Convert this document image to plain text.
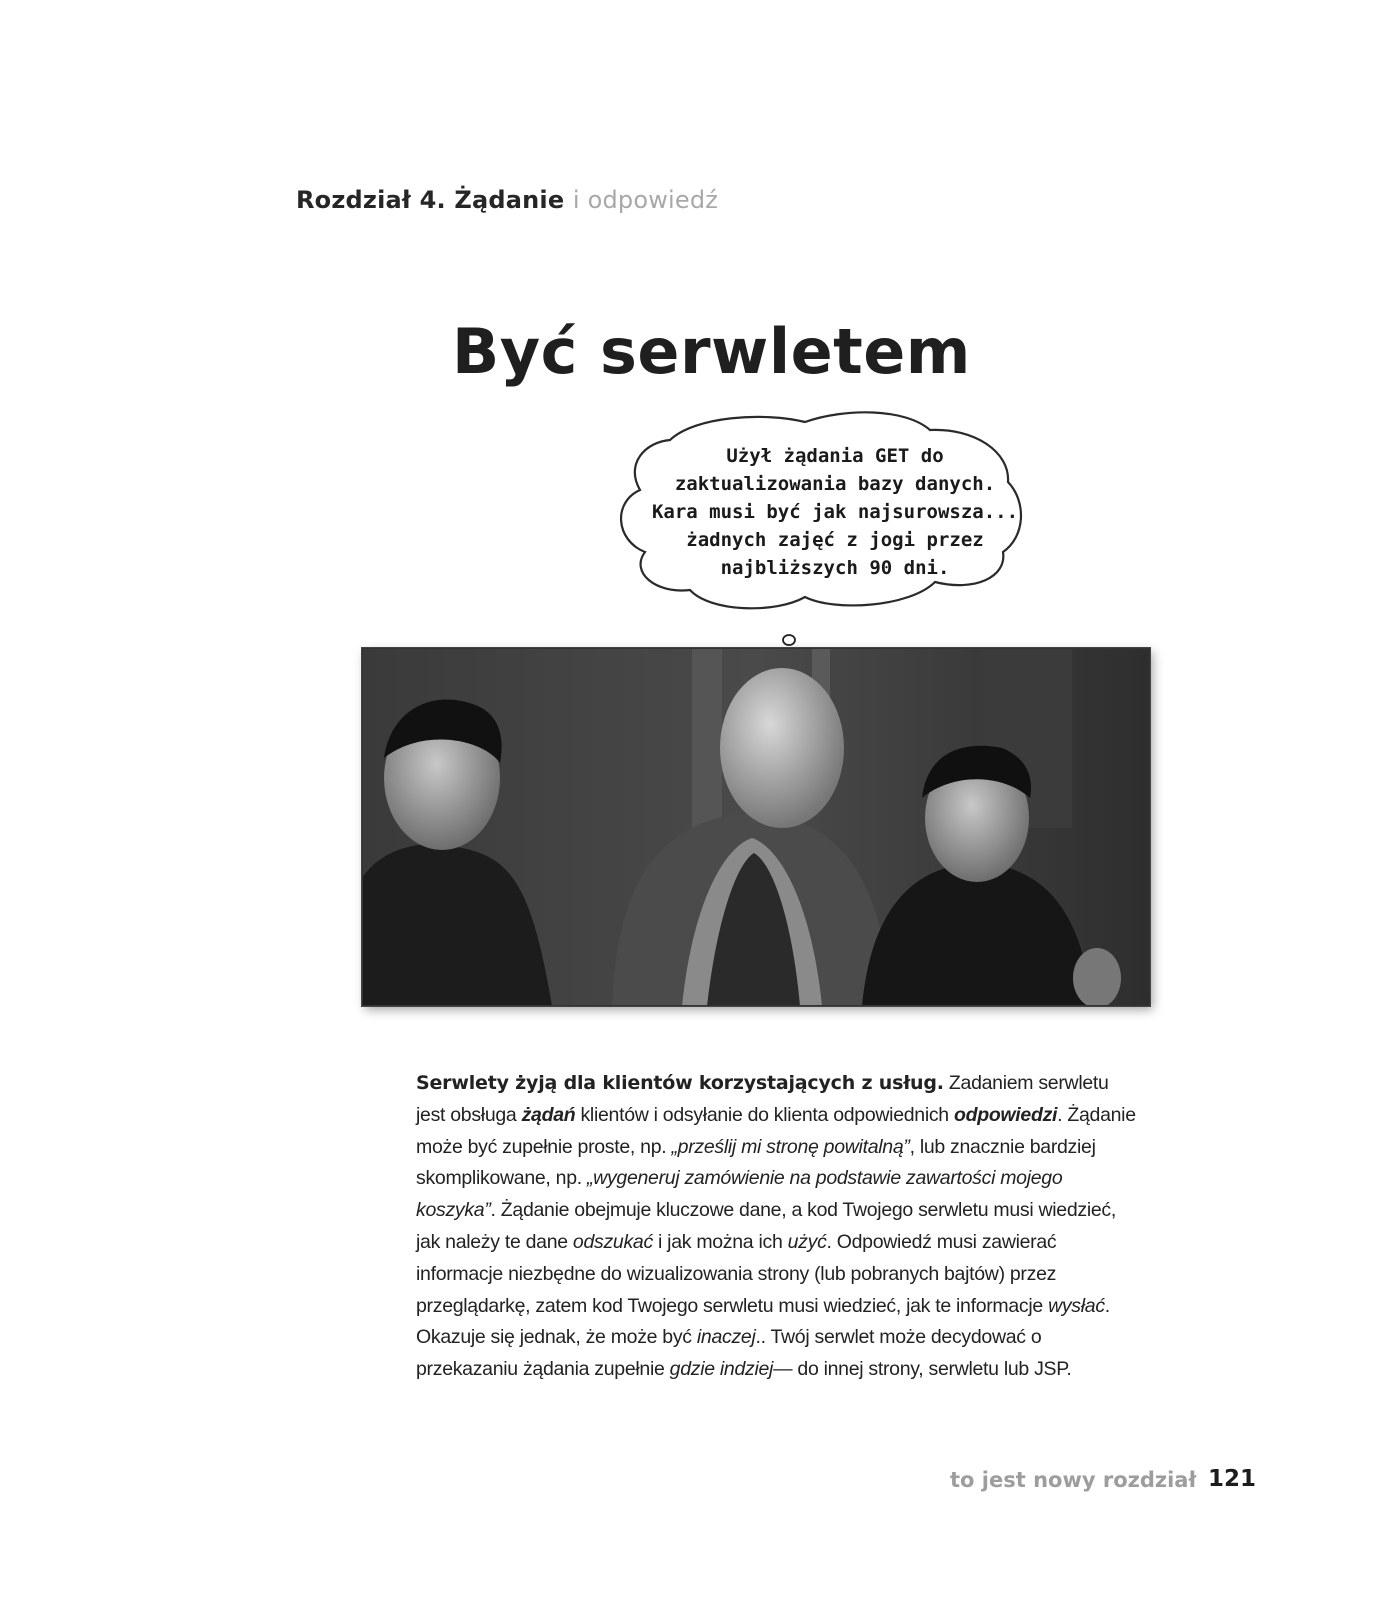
Rozdział 4. Żądanie i odpowiedź
Być serwletem
Użył żądania GET do
zaktualizowania bazy danych.
Kara musi być jak najsurowsza...
żadnych zajęć z jogi przez
najbliższych 90 dni.
Serwlety żyją dla klientów korzystających z usług. Zadaniem serwletu jest obsługa żądań klientów i odsyłanie do klienta odpowiednich odpowiedzi. Żądanie może być zupełnie proste, np. „prześlij mi stronę powitalną”, lub znacznie bardziej skomplikowane, np. „wygeneruj zamówienie na podstawie zawartości mojego koszyka”. Żądanie obejmuje kluczowe dane, a kod Twojego serwletu musi wiedzieć, jak należy te dane odszukać i jak można ich użyć. Odpowiedź musi zawierać informacje niezbędne do wizualizowania strony (lub pobranych bajtów) przez przeglądarkę, zatem kod Twojego serwletu musi wiedzieć, jak te informacje wysłać. Okazuje się jednak, że może być inaczej.. Twój serwlet może decydować o przekazaniu żądania zupełnie gdzie indziej— do innej strony, serwletu lub JSP.
to jest nowy rozdział 121
